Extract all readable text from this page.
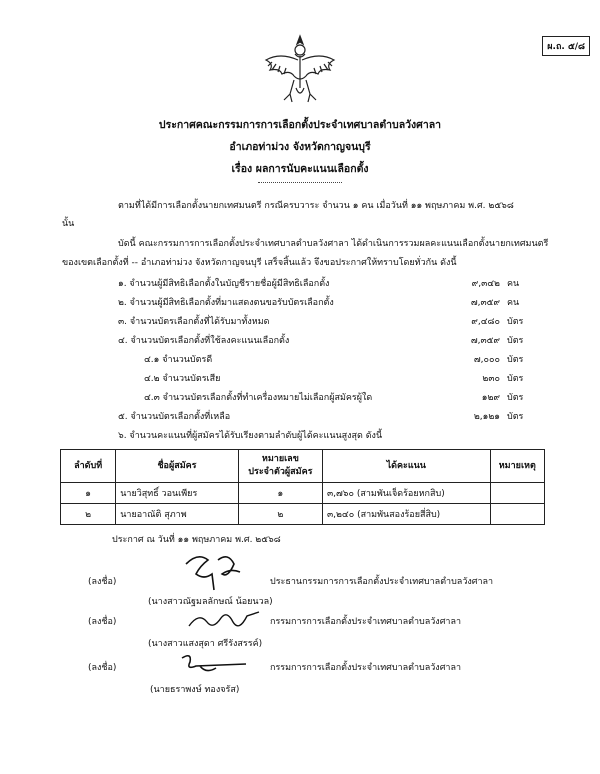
ผ.ถ. ๕/๘
ประกาศคณะกรรมการการเลือกตั้งประจำเทศบาลตำบลวังศาลา
อำเภอท่าม่วง จังหวัดกาญจนบุรี
เรื่อง ผลการนับคะแนนเลือกตั้ง
ตามที่ได้มีการเลือกตั้งนายกเทศมนตรี กรณีครบวาระ จำนวน ๑ คน เมื่อวันที่ ๑๑ พฤษภาคม พ.ศ. ๒๕๖๘
นั้น
บัดนี้ คณะกรรมการการเลือกตั้งประจำเทศบาลตำบลวังศาลา ได้ดำเนินการรวมผลคะแนนเลือกตั้งนายกเทศมนตรี
ของเขตเลือกตั้งที่ -- อำเภอท่าม่วง จังหวัดกาญจนบุรี เสร็จสิ้นแล้ว จึงขอประกาศให้ทราบโดยทั่วกัน ดังนี้
๑. จำนวนผู้มีสิทธิเลือกตั้งในบัญชีรายชื่อผู้มีสิทธิเลือกตั้ง	๙,๓๔๒ คน
๒. จำนวนผู้มีสิทธิเลือกตั้งที่มาแสดงตนขอรับบัตรเลือกตั้ง	๗,๓๕๙ คน
๓. จำนวนบัตรเลือกตั้งที่ได้รับมาทั้งหมด	๙,๔๘๐ บัตร
๔. จำนวนบัตรเลือกตั้งที่ใช้ลงคะแนนเลือกตั้ง	๗,๓๕๙ บัตร
๔.๑ จำนวนบัตรดี	๗,๐๐๐ บัตร
๔.๒ จำนวนบัตรเสีย	๒๓๐ บัตร
๔.๓ จำนวนบัตรเลือกตั้งที่ทำเครื่องหมายไม่เลือกผู้สมัครผู้ใด	๑๒๙ บัตร
๕. จำนวนบัตรเลือกตั้งที่เหลือ	๒,๑๒๑ บัตร
๖. จำนวนคะแนนที่ผู้สมัครได้รับเรียงตามลำดับผู้ได้คะแนนสูงสุด ดังนี้
ลำดับที่	ชื่อผู้สมัคร	หมายเลข
ประจำตัวผู้สมัคร	ได้คะแนน	หมายเหตุ
๑	นายวิสุทธิ์ วอนเพียร	๑	๓,๗๖๐ (สามพันเจ็ดร้อยหกสิบ)	
๒	นายอาณัติ สุภาพ	๒	๓,๒๔๐ (สามพันสองร้อยสี่สิบ)	
ประกาศ ณ วันที่ ๑๑ พฤษภาคม พ.ศ. ๒๕๖๘
(ลงชื่อ)	ประธานกรรมการการเลือกตั้งประจำเทศบาลตำบลวังศาลา
(นางสาวณัฐมลลักษณ์ น้อยนวล)
(ลงชื่อ)	กรรมการการเลือกตั้งประจำเทศบาลตำบลวังศาลา
(นางสาวแสงสุดา ศรีรังสรรค์)
(ลงชื่อ)	กรรมการการเลือกตั้งประจำเทศบาลตำบลวังศาลา
(นายธราพงษ์ ทองจรัส)
